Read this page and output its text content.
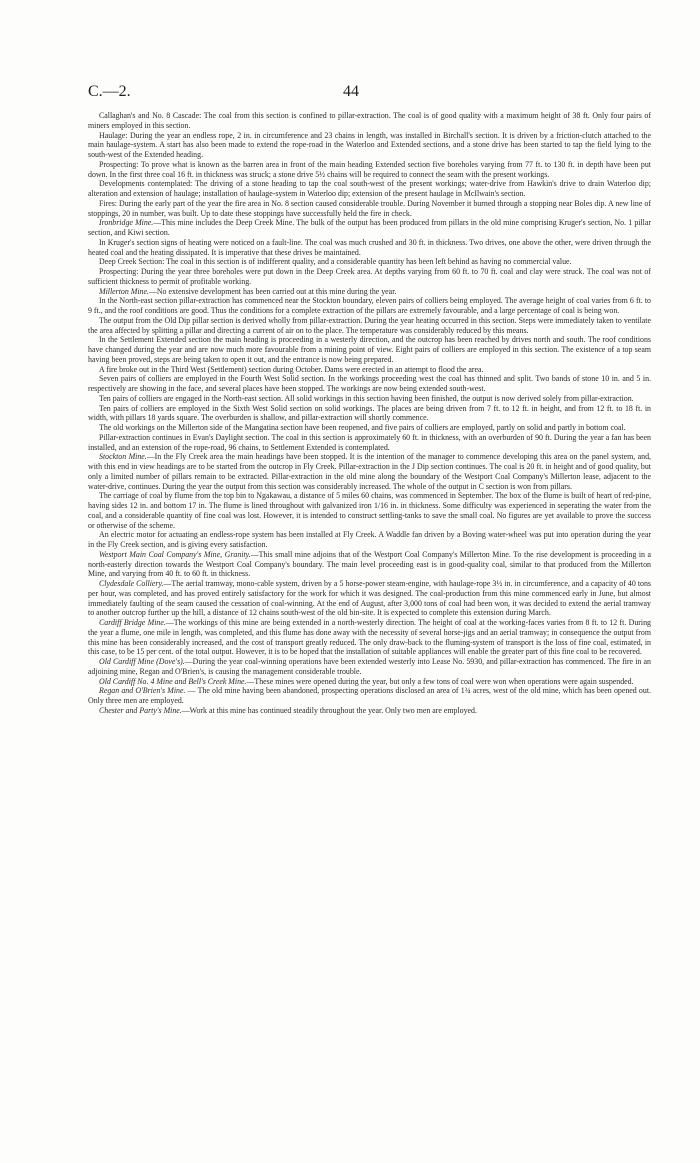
C.—2.	44

Callaghan's and No. 8 Cascade: The coal from this section is confined to pillar-extraction. The coal is of good quality with a maximum height of 38 ft. Only four pairs of miners employed in this section.

Haulage: During the year an endless rope, 2 in. in circumference and 23 chains in length, was installed in Birchall's section. It is driven by a friction-clutch attached to the main haulage-system. A start has also been made to extend the rope-road in the Waterloo and Extended sections, and a stone drive has been started to tap the field lying to the south-west of the Extended heading.

Prospecting: To prove what is known as the barren area in front of the main heading Extended section five boreholes varying from 77 ft. to 130 ft. in depth have been put down. In the first three coal 16 ft. in thickness was struck; a stone drive 5½ chains will be required to connect the seam with the present workings.

Developments contemplated: The driving of a stone heading to tap the coal south-west of the present workings; water-drive from Hawkin's drive to drain Waterloo dip; alteration and extension of haulage; installation of haulage-system in Waterloo dip; extension of the present haulage in McIlwain's section.

Fires: During the early part of the year the fire area in No. 8 section caused considerable trouble. During November it burned through a stopping near Boles dip. A new line of stoppings, 20 in number, was built. Up to date these stoppings have successfully held the fire in check.

Ironbridge Mine.—This mine includes the Deep Creek Mine. The bulk of the output has been produced from pillars in the old mine comprising Kruger's section, No. 1 pillar section, and Kiwi section.

In Kruger's section signs of heating were noticed on a fault-line. The coal was much crushed and 30 ft. in thickness. Two drives, one above the other, were driven through the heated coal and the heating dissipated. It is imperative that these drives be maintained.

Deep Creek Section: The coal in this section is of indifferent quality, and a considerable quantity has been left behind as having no commercial value.

Prospecting: During the year three boreholes were put down in the Deep Creek area. At depths varying from 60 ft. to 70 ft. coal and clay were struck. The coal was not of sufficient thickness to permit of profitable working.

Millerton Mine.—No extensive development has been carried out at this mine during the year.

In the North-east section pillar-extraction has commenced near the Stockton boundary, eleven pairs of colliers being employed. The average height of coal varies from 6 ft. to 9 ft., and the roof conditions are good. Thus the conditions for a complete extraction of the pillars are extremely favourable, and a large percentage of coal is being won.

The output from the Old Dip pillar section is derived wholly from pillar-extraction. During the year heating occurred in this section. Steps were immediately taken to ventilate the area affected by splitting a pillar and directing a current of air on to the place. The temperature was considerably reduced by this means.

In the Settlement Extended section the main heading is proceeding in a westerly direction, and the outcrop has been reached by drives north and south. The roof conditions have changed during the year and are now much more favourable from a mining point of view. Eight pairs of colliers are employed in this section. The existence of a top seam having been proved, steps are being taken to open it out, and the entrance is now being prepared.

A fire broke out in the Third West (Settlement) section during October. Dams were erected in an attempt to flood the area.

Seven pairs of colliers are employed in the Fourth West Solid section. In the workings proceeding west the coal has thinned and split. Two bands of stone 10 in. and 5 in. respectively are showing in the face, and several places have been stopped. The workings are now being extended south-west.

Ten pairs of colliers are engaged in the North-east section. All solid workings in this section having been finished, the output is now derived solely from pillar-extraction.

Ten pairs of colliers are employed in the Sixth West Solid section on solid workings. The places are being driven from 7 ft. to 12 ft. in height, and from 12 ft. to 18 ft. in width, with pillars 18 yards square. The overburden is shallow, and pillar-extraction will shortly commence.

The old workings on the Millerton side of the Mangatina section have been reopened, and five pairs of colliers are employed, partly on solid and partly in bottom coal.

Pillar-extraction continues in Evan's Daylight section. The coal in this section is approximately 60 ft. in thickness, with an overburden of 90 ft. During the year a fan has been installed, and an extension of the rope-road, 96 chains, to Settlement Extended is contemplated.

Stockton Mine.—In the Fly Creek area the main headings have been stopped. It is the intention of the manager to commence developing this area on the panel system, and, with this end in view headings are to be started from the outcrop in Fly Creek. Pillar-extraction in the J Dip section continues. The coal is 20 ft. in height and of good quality, but only a limited number of pillars remain to be extracted. Pillar-extraction in the old mine along the boundary of the Westport Coal Company's Millerton lease, adjacent to the water-drive, continues. During the year the output from this section was considerably increased. The whole of the output in C section is won from pillars.

The carriage of coal by flume from the top bin to Ngakawau, a distance of 5 miles 60 chains, was commenced in September. The box of the flume is built of heart of red-pine, having sides 12 in. and bottom 17 in. The flume is lined throughout with galvanized iron 1/16 in. in thickness. Some difficulty was experienced in seperating the water from the coal, and a considerable quantity of fine coal was lost. However, it is intended to construct settling-tanks to save the small coal. No figures are yet available to prove the success or otherwise of the scheme.

An electric motor for actuating an endless-rope system has been installed at Fly Creek. A Waddle fan driven by a Boving water-wheel was put into operation during the year in the Fly Creek section, and is giving every satisfaction.

Westport Main Coal Company's Mine, Granity.—This small mine adjoins that of the Westport Coal Company's Millerton Mine. To the rise development is proceeding in a north-easterly direction towards the Westport Coal Company's boundary. The main level proceeding east is in good-quality coal, similar to that produced from the Millerton Mine, and varying from 40 ft. to 60 ft. in thickness.

Clydesdale Colliery.—The aerial tramway, mono-cable system, driven by a 5 horse-power steam-engine, with haulage-rope 3½ in. in circumference, and a capacity of 40 tons per hour, was completed, and has proved entirely satisfactory for the work for which it was designed. The coal-production from this mine commenced early in June, but almost immediately faulting of the seam caused the cessation of coal-winning. At the end of August, after 3,000 tons of coal had been won, it was decided to extend the aerial tramway to another outcrop further up the hill, a distance of 12 chains south-west of the old bin-site. It is expected to complete this extension during March.

Cardiff Bridge Mine.—The workings of this mine are being extended in a north-westerly direction. The height of coal at the working-faces varies from 8 ft. to 12 ft. During the year a flume, one mile in length, was completed, and this flume has done away with the necessity of several horse-jigs and an aerial tramway; in consequence the output from this mine has been considerably increased, and the cost of transport greatly reduced. The only draw-back to the fluming-system of transport is the loss of fine coal, estimated, in this case, to be 15 per cent. of the total output. However, it is to be hoped that the installation of suitable appliances will enable the greater part of this fine coal to be recovered.

Old Cardiff Mine (Dove's).—During the year coal-winning operations have been extended westerly into Lease No. 5930, and pillar-extraction has commenced. The fire in an adjoining mine, Regan and O'Brien's, is causing the management considerable trouble.

Old Cardiff No. 4 Mine and Bell's Creek Mine.—These mines were opened during the year, but only a few tons of coal were won when operations were again suspended.

Regan and O'Brien's Mine. — The old mine having been abandoned, prospecting operations disclosed an area of 1¾ acres, west of the old mine, which has been opened out. Only three men are employed.

Chester and Party's Mine.—Work at this mine has continued steadily throughout the year. Only two men are employed.
